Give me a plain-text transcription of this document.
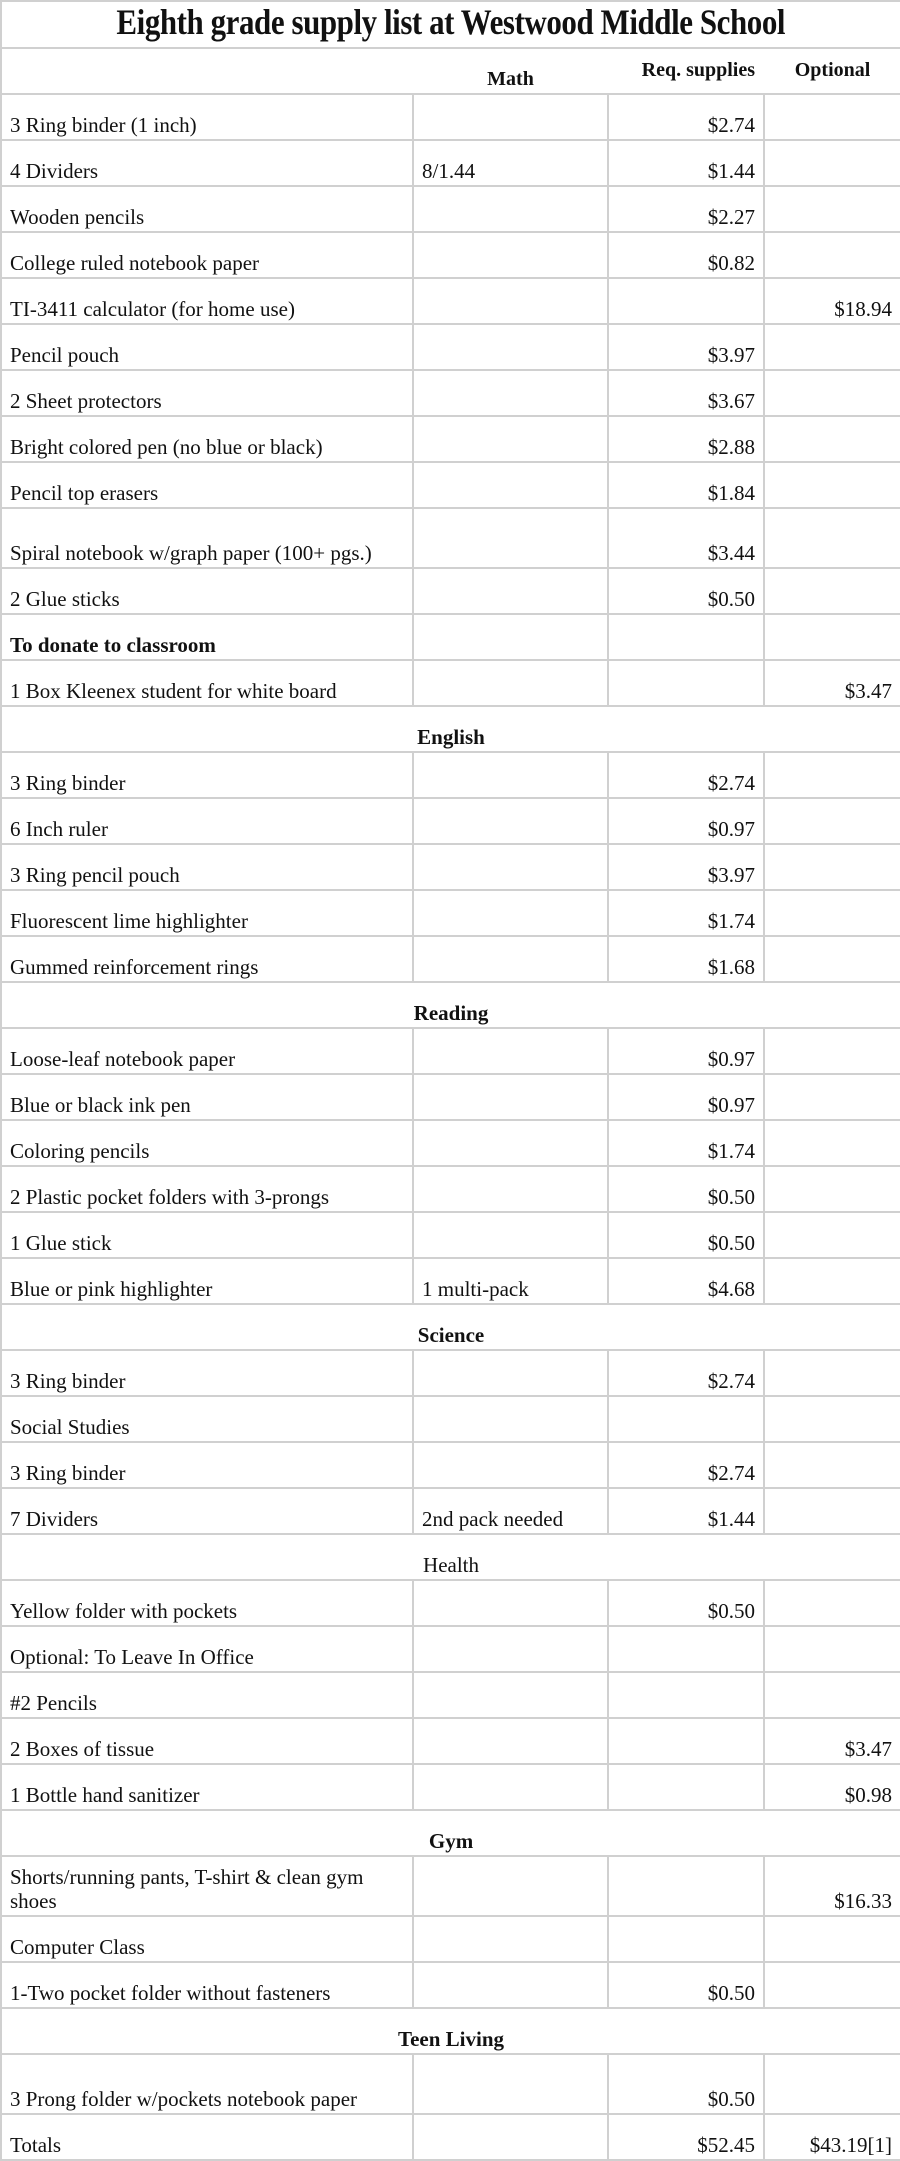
Eighth grade supply list at Westwood Middle School			
	Math	Req. supplies	Optional
3 Ring binder (1 inch)		$2.74	
4 Dividers	8/1.44	$1.44	
Wooden pencils		$2.27	
College ruled notebook paper		$0.82	
TI-3411 calculator (for home use)			$18.94
Pencil pouch		$3.97	
2 Sheet protectors		$3.67	
Bright colored pen (no blue or black)		$2.88	
Pencil top erasers		$1.84	
Spiral notebook w/graph paper (100+ pgs.)		$3.44	
2 Glue sticks		$0.50	
To donate to classroom			
1 Box Kleenex student for white board			$3.47
English			
3 Ring binder		$2.74	
6 Inch ruler		$0.97	
3 Ring pencil pouch		$3.97	
Fluorescent lime highlighter		$1.74	
Gummed reinforcement rings		$1.68	
Reading			
Loose-leaf notebook paper		$0.97	
Blue or black ink pen		$0.97	
Coloring pencils		$1.74	
2 Plastic pocket folders with 3-prongs		$0.50	
1 Glue stick		$0.50	
Blue or pink highlighter	1 multi-pack	$4.68	
Science			
3 Ring binder		$2.74	
Social Studies			
3 Ring binder		$2.74	
7 Dividers	2nd pack needed	$1.44	
Health			
Yellow folder with pockets		$0.50	
Optional: To Leave In Office			
#2 Pencils			
2 Boxes of tissue			$3.47
1 Bottle hand sanitizer			$0.98
Gym			
Shorts/running pants, T-shirt & clean gym shoes			$16.33
Computer Class			
1-Two pocket folder without fasteners		$0.50	
Teen Living			
3 Prong folder w/pockets notebook paper		$0.50	
Totals		$52.45	$43.19[1]
